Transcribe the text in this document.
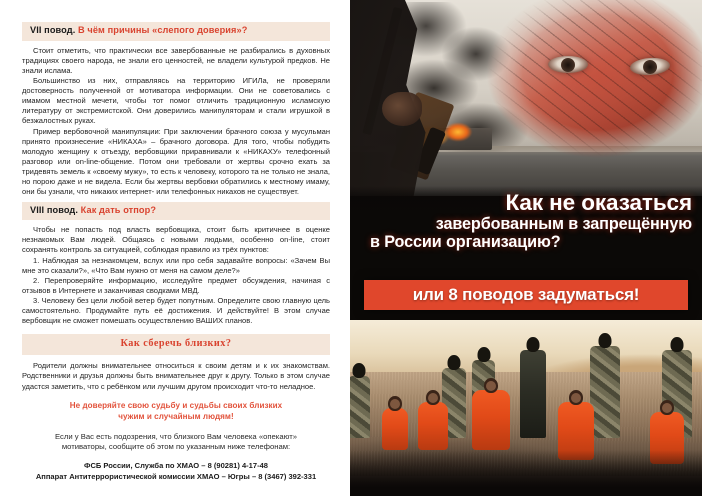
VII повод. В чём причины «слепого доверия»?

Стоит отметить, что практически все завербованные не разбирались в духовных традициях своего народа, не знали его ценностей, не владели культурой предков. Не знали ислама.

Большинство из них, отправляясь на территорию ИГИЛа, не проверяли достоверность полученной от мотиватора информации. Они не советовались с имамом местной мечети, чтобы тот помог отличить традиционную исламскую литературу от экстремистской. Они доверились манипуляторам и стали игрушкой в безжалостных руках.

Пример вербовочной манипуляции: При заключении брачного союза у мусульман принято произнесение «НИКАХА» – брачного договора. Для того, чтобы побудить молодую женщину к отъезду, вербовщики приравнивали к «НИКАХУ» телефонный разговор или on-line-общение. Потом они требовали от жертвы срочно ехать за тридевять земель к «своему мужу», то есть к человеку, которого та не только не знала, но порою даже и не видела. Если бы жертвы вербовки обратились к местному имаму, они бы узнали, что никаких интернет- или телефонных никахов не существует.

VIII повод. Как дать отпор?

Чтобы не попасть под власть вербовщика, стоит быть критичнее в оценке незнакомых Вам людей. Общаясь с новыми людьми, особенно on-line, стоит сохранять контроль за ситуацией, соблюдая правило из трёх пунктов:

1. Наблюдая за незнакомцем, вслух или про себя задавайте вопросы: «Зачем Вы мне это сказали?», «Что Вам нужно от меня на самом деле?»

2. Перепроверяйте информацию, исследуйте предмет обсуждения, начиная с отзывов в Интернете и заканчивая сводками МВД.

3. Человеку без цели любой ветер будет попутным. Определите свою главную цель самостоятельно. Продумайте путь её достижения. И действуйте! В этом случае вербовщик не сможет помешать осуществлению ВАШИХ планов.

Как сберечь близких?

Родители должны внимательнее относиться к своим детям и к их знакомствам. Родственники и друзья должны быть внимательнее друг к другу. Только в этом случае удастся заметить, что с ребёнком или лучшим другом происходит что-то неладное.

Не доверяйте свою судьбу и судьбы своих близких
чужим и случайным людям!
Если у Вас есть подозрения, что близкого Вам человека «опекают»
мотиваторы, сообщите об этом по указанным ниже телефонам:
ФСБ России, Служба по ХМАО – 8 (90281) 4-17-48
Аппарат Антитеррористической комиссии ХМАО – Югры – 8 (3467) 392-331
Как не оказаться
завербованным в запрещённую
в России организацию?
или 8 поводов задуматься!
